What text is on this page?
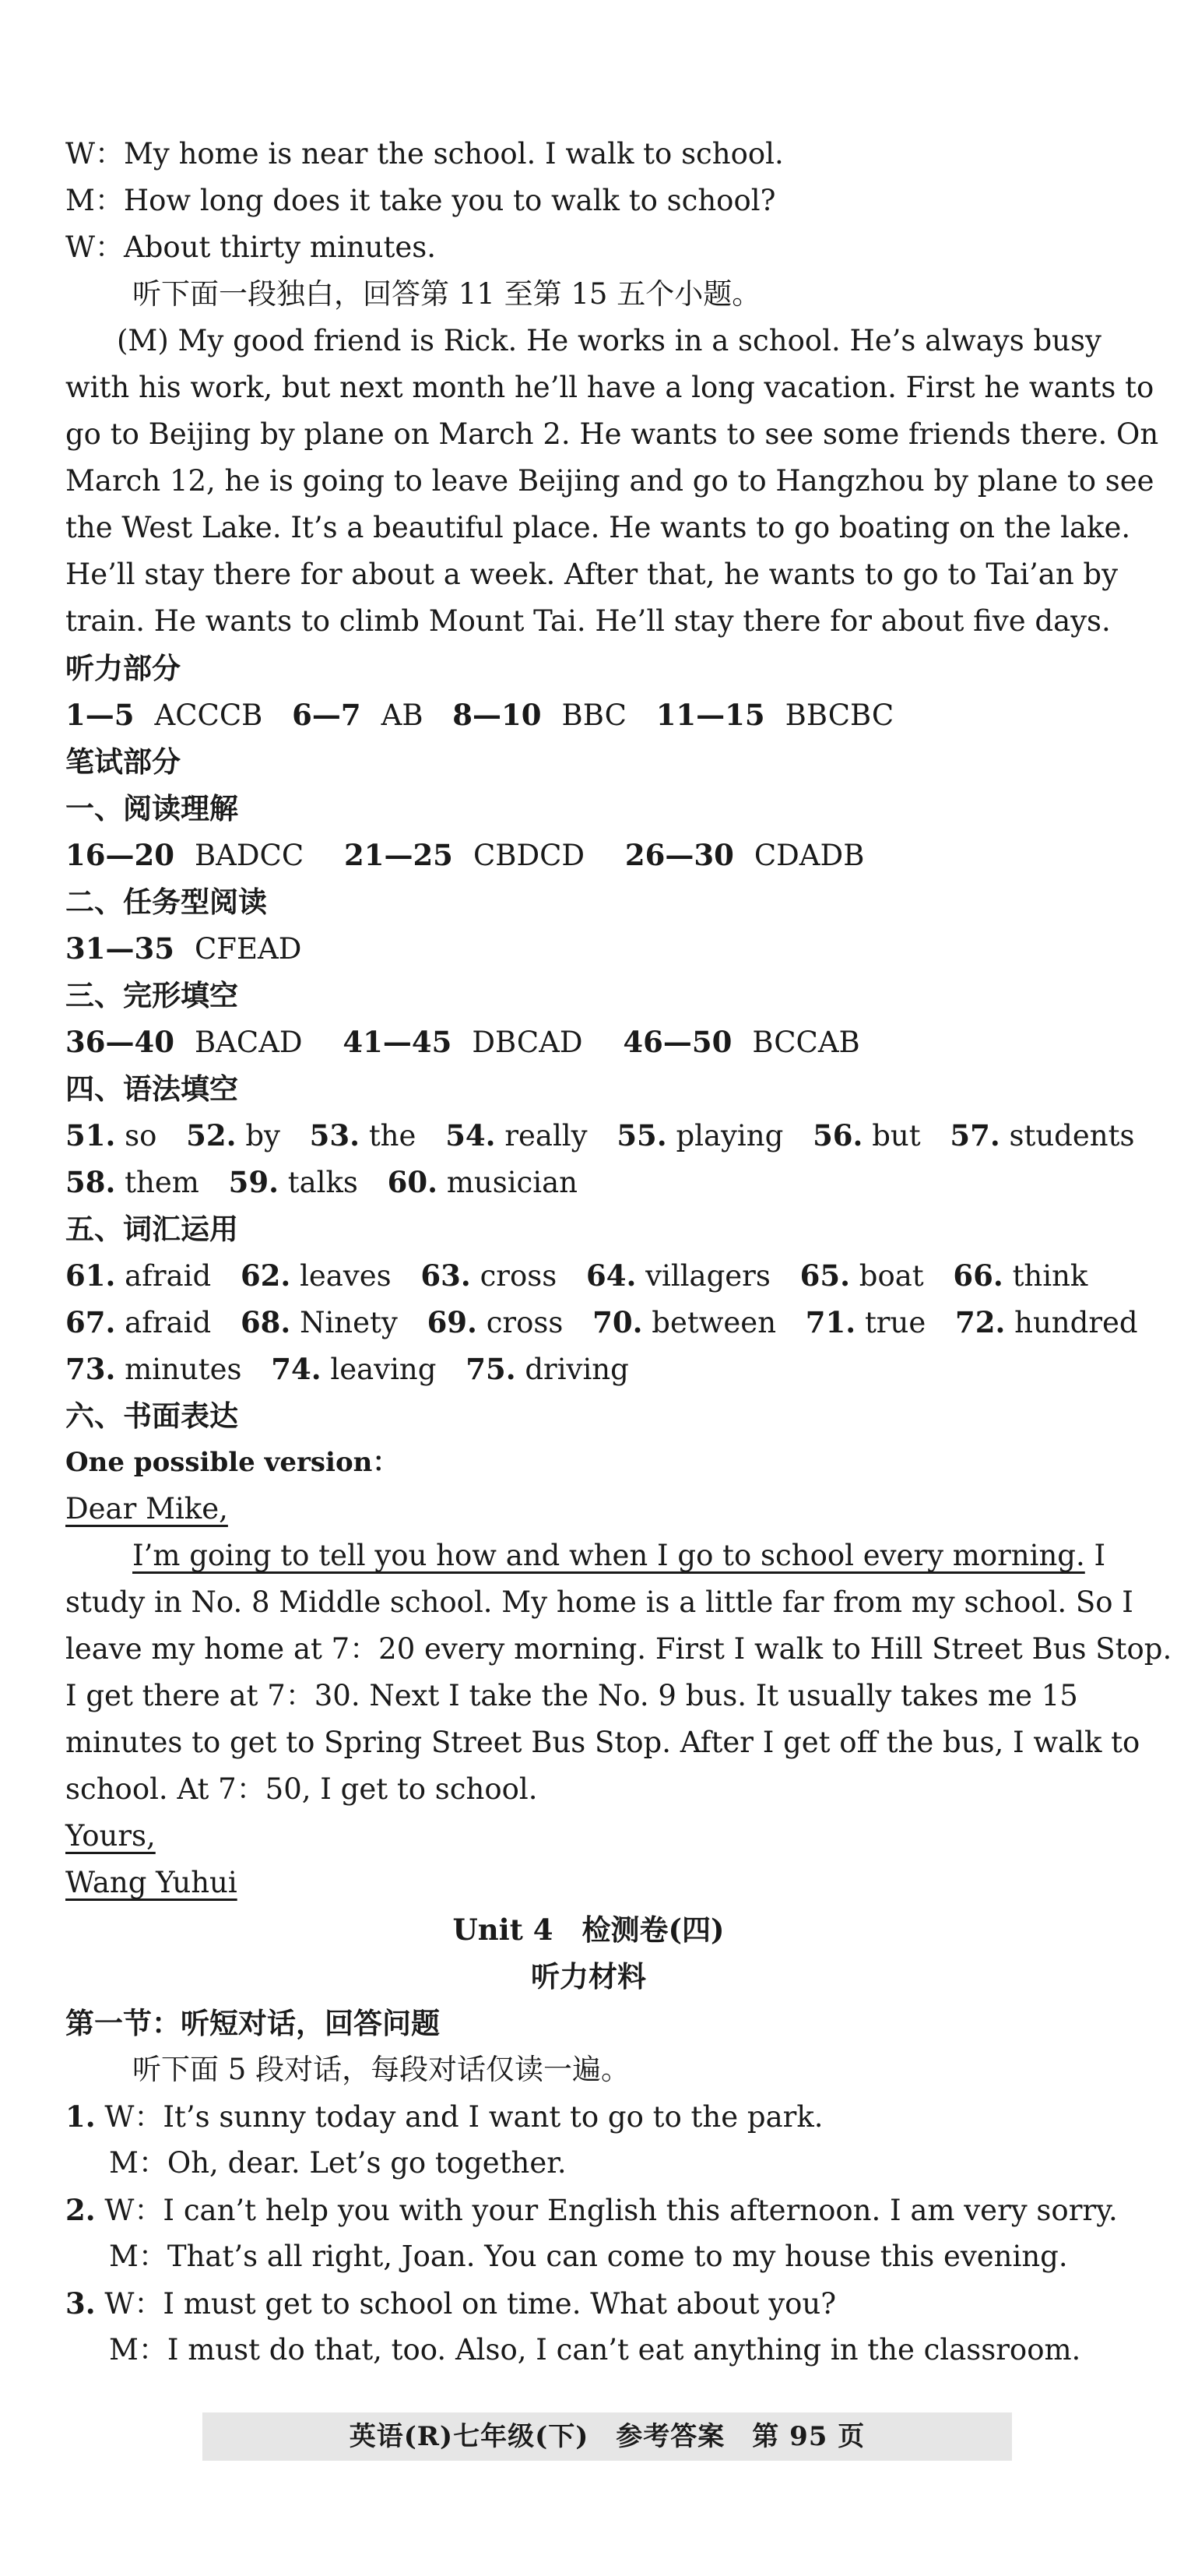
W：My home is near the school. I walk to school.
M：How long does it take you to walk to school?
W：About thirty minutes.
听下面一段独白，回答第 11 至第 15 五个小题。
(M) My good friend is Rick. He works in a school. He’s always busy
with his work, but next month he’ll have a long vacation. First he wants to
go to Beijing by plane on March 2. He wants to see some friends there. On
March 12, he is going to leave Beijing and go to Hangzhou by plane to see
the West Lake. It’s a beautiful place. He wants to go boating on the lake.
He’ll stay there for about a week. After that, he wants to go to Tai’an by
train. He wants to climb Mount Tai. He’ll stay there for about five days.
听力部分
1—5 ACCCB 6—7 AB 8—10 BBC 11—15 BBCBC
笔试部分
一、阅读理解
16—20 BADCC 21—25 CBDCD 26—30 CDADB
二、任务型阅读
31—35 CFEAD
三、完形填空
36—40 BACAD 41—45 DBCAD 46—50 BCCAB
四、语法填空
51. so 52. by 53. the 54. really 55. playing 56. but 57. students
58. them 59. talks 60. musician
五、词汇运用
61. afraid 62. leaves 63. cross 64. villagers 65. boat 66. think
67. afraid 68. Ninety 69. cross 70. between 71. true 72. hundred
73. minutes 74. leaving 75. driving
六、书面表达
One possible version：
Dear Mike,
I’m going to tell you how and when I go to school every morning. I
study in No. 8 Middle school. My home is a little far from my school. So I
leave my home at 7：20 every morning. First I walk to Hill Street Bus Stop.
I get there at 7：30. Next I take the No. 9 bus. It usually takes me 15
minutes to get to Spring Street Bus Stop. After I get off the bus, I walk to
school. At 7：50, I get to school.
Yours,
Wang Yuhui
Unit 4　检测卷(四)
听力材料
第一节：听短对话，回答问题
听下面 5 段对话，每段对话仅读一遍。
1. W：It’s sunny today and I want to go to the park.
M：Oh, dear. Let’s go together.
2. W：I can’t help you with your English this afternoon. I am very sorry.
M：That’s all right, Joan. You can come to my house this evening.
3. W：I must get to school on time. What about you?
M：I must do that, too. Also, I can’t eat anything in the classroom.
英语(R)七年级(下)　参考答案　第 95 页
